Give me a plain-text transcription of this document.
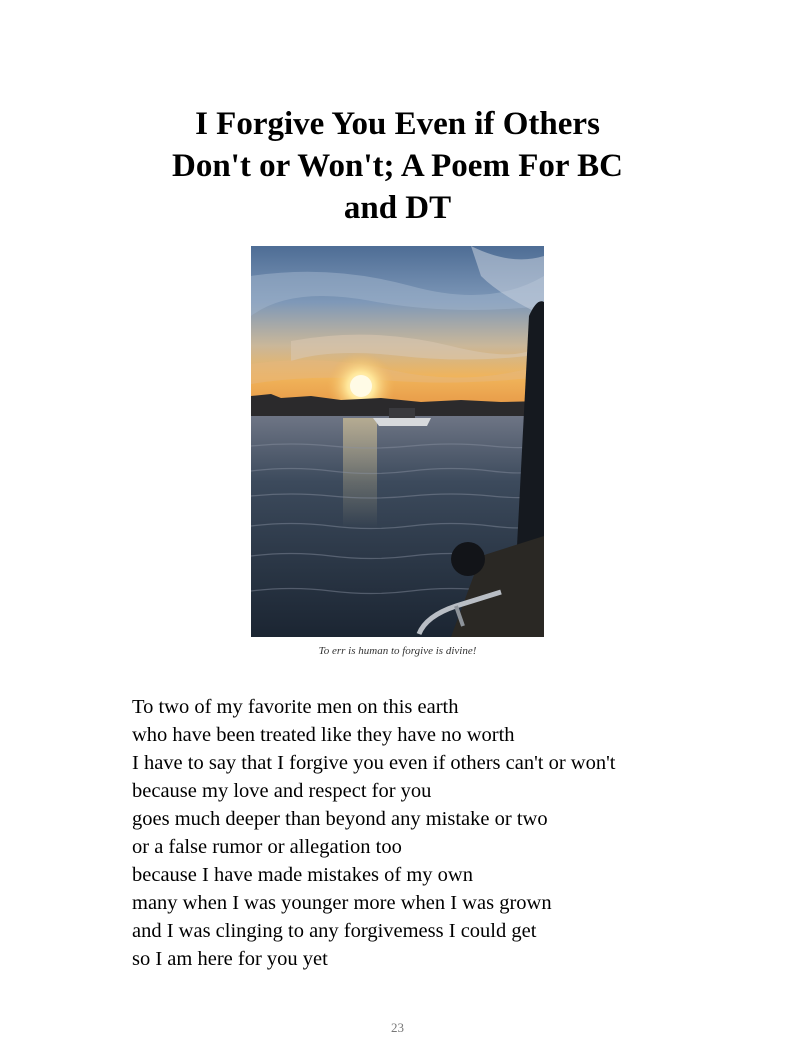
I Forgive You Even if Others
Don't or Won't; A Poem For BC
and DT
To err is human to forgive is divine!
To two of my favorite men on this earth
who have been treated like they have no worth
I have to say that I forgive you even if others can't or won't
because my love and respect for you
goes much deeper than beyond any mistake or two
or a false rumor or allegation too
because I have made mistakes of my own
many when I was younger more when I was grown
and I was clinging to any forgivemess I could get
so I am here for you yet
23
